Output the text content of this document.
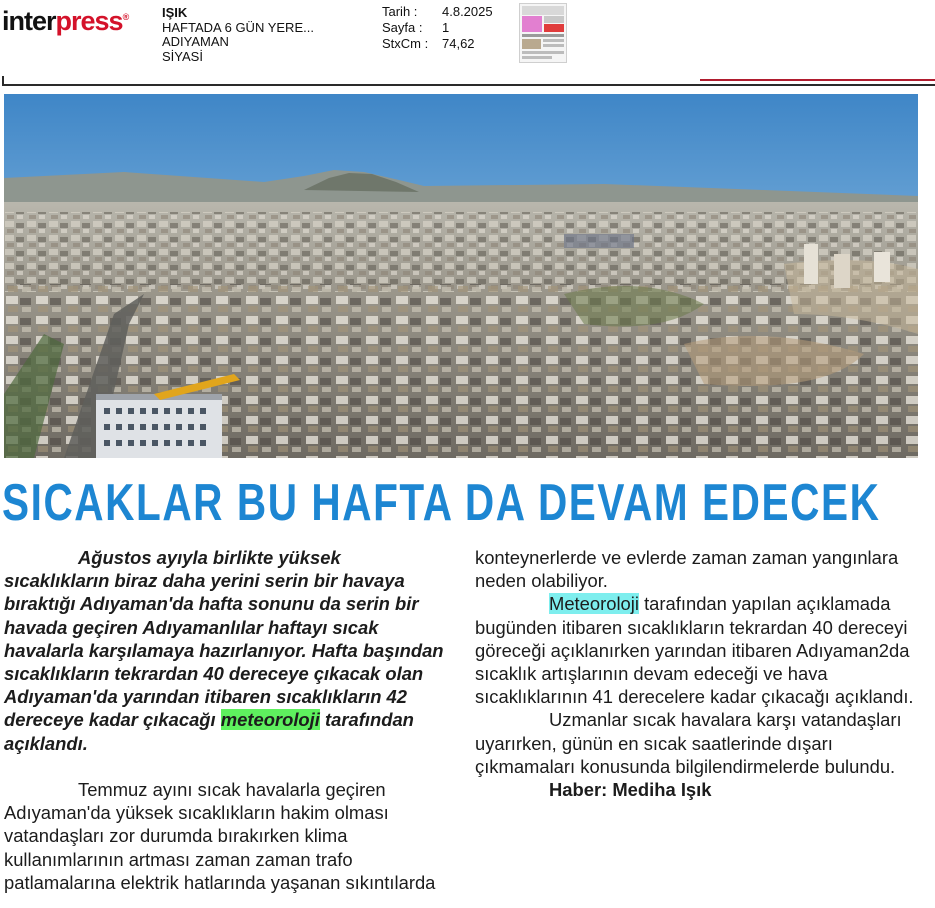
interpress®	IŞIK
HAFTADA 6 GÜN YERE...
ADIYAMAN
SİYASİ
Tarih :	4.8.2025
Sayfa :	1
StxCm :	74,62
SICAKLAR BU HAFTA DA DEVAM EDECEK

Ağustos ayıyla birlikte yüksek sıcaklıkların biraz daha yerini serin bir havaya bıraktığı Adıyaman'da hafta sonunu da serin bir havada geçiren Adıyamanlılar haftayı sıcak havalarla karşılamaya hazırlanıyor. Hafta başından sıcaklıkların tekrardan 40 dereceye çıkacak olan Adıyaman'da yarından itibaren sıcaklıkların 42 dereceye kadar çıkacağı meteoroloji tarafından açıklandı.

Temmuz ayını sıcak havalarla geçiren Adıyaman'da yüksek sıcaklıkların hakim olması vatandaşları zor durumda bırakırken klima kullanımlarının artması zaman zaman trafo patlamalarına elektrik hatlarında yaşanan sıkıntılarda

konteynerlerde ve evlerde zaman zaman yangınlara neden olabiliyor.

Meteoroloji tarafından yapılan açıklamada bugünden itibaren sıcaklıkların tekrardan 40 dereceyi göreceği açıklanırken yarından itibaren Adıyaman2da sıcaklık artışlarının devam edeceği ve hava sıcaklıklarının 41 derecelere kadar çıkacağı açıklandı.

Uzmanlar sıcak havalara karşı vatandaşları uyarırken, günün en sıcak saatlerinde dışarı çıkmamaları konusunda bilgilendirmelerde bulundu.

Haber: Mediha Işık
